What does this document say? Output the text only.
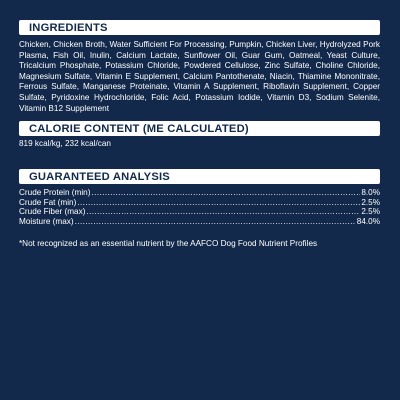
INGREDIENTS
Chicken, Chicken Broth, Water Sufficient For Processing, Pumpkin, Chicken Liver, Hydrolyzed Pork Plasma, Fish Oil, Inulin, Calcium Lactate, Sunflower Oil, Guar Gum, Oatmeal, Yeast Culture, Tricalcium Phosphate, Potassium Chloride, Powdered Cellulose, Zinc Sulfate, Choline Chloride, Magnesium Sulfate, Vitamin E Supplement, Calcium Pantothenate, Niacin, Thiamine Mononitrate, Ferrous Sulfate, Manganese Proteinate, Vitamin A Supplement, Riboflavin Supplement, Copper Sulfate, Pyridoxine Hydrochloride, Folic Acid, Potassium Iodide, Vitamin D3, Sodium Selenite, Vitamin B12 Supplement
CALORIE CONTENT (ME CALCULATED)
819 kcal/kg, 232 kcal/can
GUARANTEED ANALYSIS
Crude Protein (min) .....	8.0%
Crude Fat (min) .....	2.5%
Crude Fiber (max) .....	2.5%
Moisture (max) .....	84.0%
*Not recognized as an essential nutrient by the AAFCO Dog Food Nutrient Profiles
